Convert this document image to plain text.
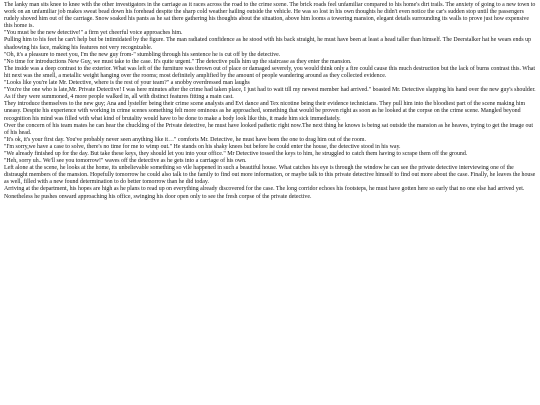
The lanky man sits knee to knee with the other investigators in the carriage as it races across the road to the crime scene. The brick roads feel unfamiliar compared to his home's dirt trails. The anxiety of going to a new town to work on an unfamiliar job makes sweat bead down his forehead despite the sharp cold weather hailing outside the vehicle. He was so lost in his own thoughts he didn't even notice the car's sudden stop until the passengers rudely shoved him out of the carriage. Snow soaked his pants as he sat there gathering his thoughts about the situation, above him looms a towering mansion, elegant details surrounding its walls to prove just how expensive this home is.

"You must be the new detective!" a firm yet cheerful voice approaches him.

Pulling him to his feet he can't help but be intimidated by the figure. The man radiated confidence as he stood with his back straight, he must have been at least a head taller than himself. The Deerstalker hat he wears ends up shadowing his face, making his features not very recognizable.

"Oh, it's a pleasure to meet you, I'm the new guy from-" stumbling through his sentence he is cut off by the detective.

"No time for introductions New Guy, we must take to the case. It's quite urgent." The detective pulls him up the staircase as they enter the mansion.

The inside was a deep contrast to the exterior. What was left of the furniture was thrown out of place or damaged severely, you would think only a fire could cause this much destruction but the lack of burns contrast this. What hit next was the smell, a metallic weight hanging over the rooms; most definitely amplified by the amount of people wandering around as they collected evidence.

"Looks like you're late Mr. Detective, where is the rest of your team?" a snobby overdressed man laughs

"You're the one who is late,Mr. Private Detective! I was here minutes after the crime had taken place, I just had to wait till my newest member had arrived." boasted Mr. Detective slapping his hand over the new guy's shoulder. As if they were summoned, 4 more people walked in, all with distinct features fitting a main cast.

They introduce themselves to the new guy; Ana and lystelfer being their crime scene analysts and Evi dance and Tex nicotine being their evidence technicians. They pull him into the bloodiest part of the scene making him uneasy. Despite his experience with working in crime scenes something felt more ominous as he approached, something that would be proven right as soon as he looked at the corpse on the crime scene. Mangled beyond recognition his mind was filled with what kind of brutality would have to be done to make a body look like this, it made him sick immediately.

Over the concern of his team mates he can hear the chuckling of the Private detective, he must have looked pathetic right now.The next thing he knows is being sat outside the mansion as he heaves, trying to get the image out of his head.

"It's ok, it's your first day. You've probably never seen anything like it…" comforts Mr. Detective, he must have been the one to drag him out of the room.

"I'm sorry,we have a case to solve, there's no time for me to wimp out." He stands on his shaky knees but before he could enter the house, the detective stood in his way.

"We already finished up for the day. But take these keys, they should let you into your office." Mr Detective tossed the keys to him, he struggled to catch them having to scrape them off the ground.

"Heh, sorry uh.. We'll see you tomorrow!" waves off the detective as he gets into a carriage of his own.

Left alone at the scene, he looks at the home, its unbelievable something so vile happened in such a beautiful house. What catches his eye is through the window he can see the private detective interviewing one of the distraught members of the mansion. Hopefully tomorrow he could also talk to the family to find out more information, or maybe talk to this private detective himself to find out more about the case. Finally, he leaves the house as well, filled with a new found determination to do better tomorrow than he did today.

Arriving at the department, his hopes are high as he plans to read up on everything already discovered for the case. The long corridor echoes his footsteps, he must have gotten here so early that no one else had arrived yet. Nonetheless he pushes onward approaching his office, swinging his door open only to see the fresh corpse of the private detective.
